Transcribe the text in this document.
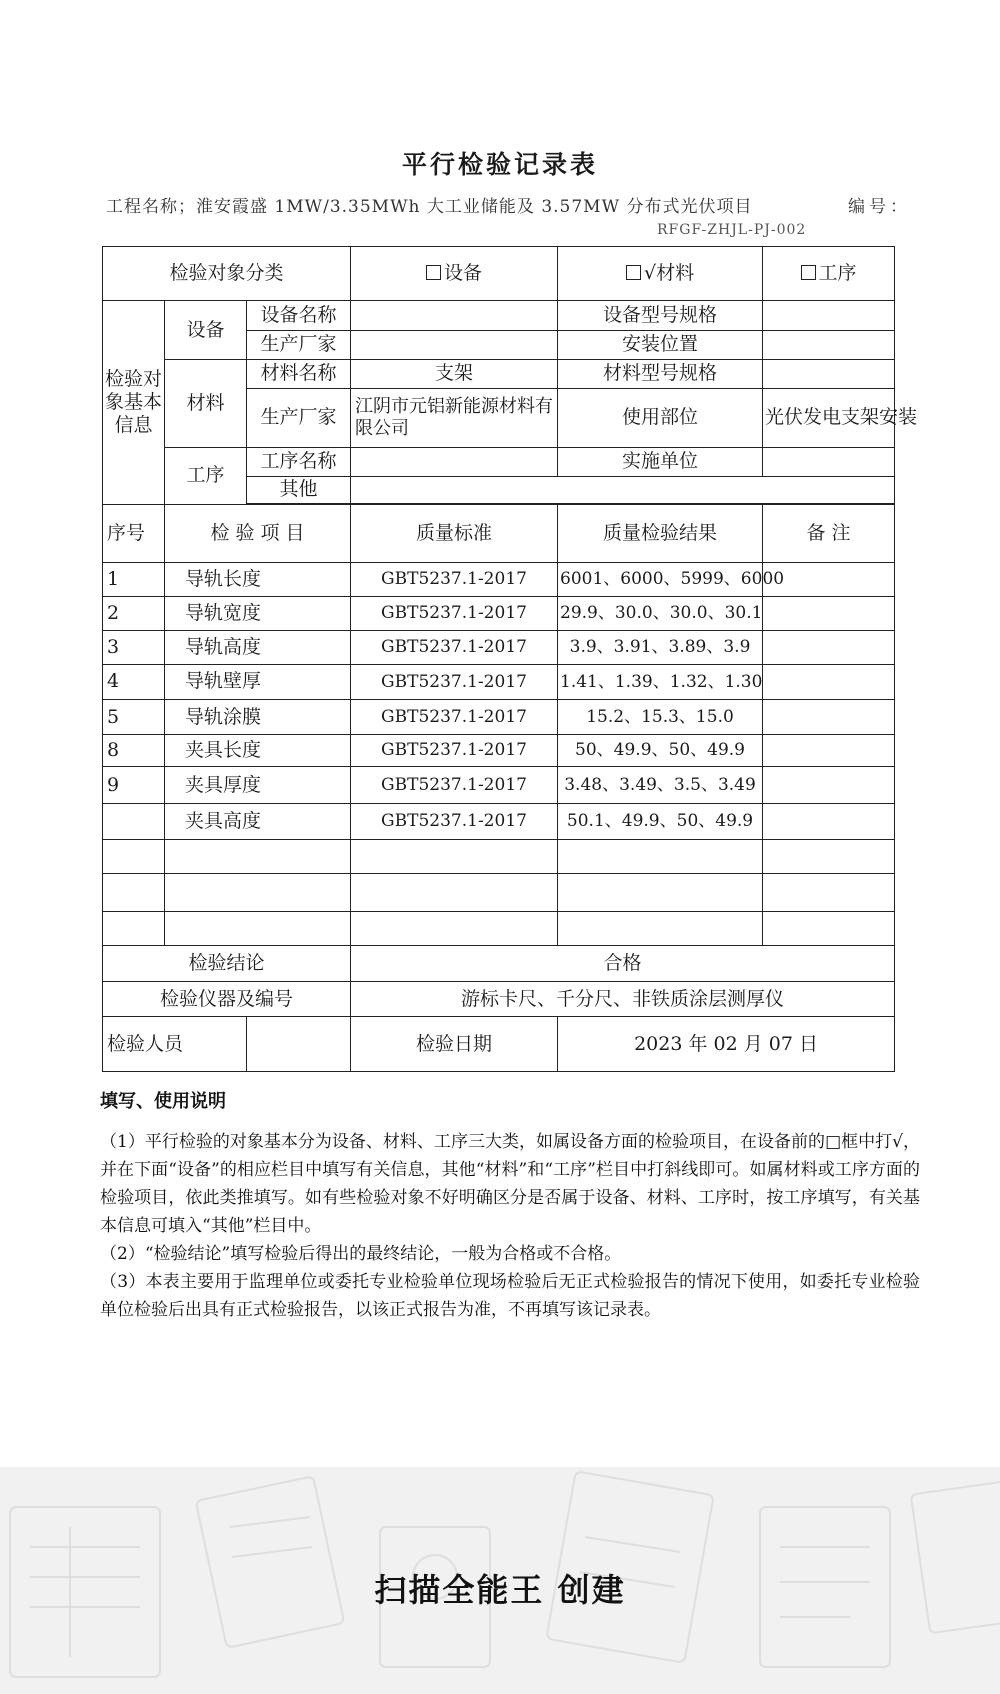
平行检验记录表
工程名称；淮安霞盛 1MW/3.35MWh 大工业储能及 3.57MW 分布式光伏项目	编号：
RFGF-ZHJL-PJ-002
检验对象分类			设备	√材料	工序
检验对象基本信息	设备	设备名称		设备型号规格	
		生产厂家		安装位置	
	材料	材料名称	支架	材料型号规格	
		生产厂家	江阴市元铝新能源材料有限公司	使用部位	光伏发电支架安装
	工序	工序名称		实施单位	
		其他			

序号	检 验 项 目		质量标准	质量检验结果	备 注
1	导轨长度		GBT5237.1-2017	6001、6000、5999、6000	
2	导轨宽度		GBT5237.1-2017	29.9、30.0、30.0、30.1	
3	导轨高度		GBT5237.1-2017	3.9、3.91、3.89、3.9	
4	导轨壁厚		GBT5237.1-2017	1.41、1.39、1.32、1.30	
5	导轨涂膜		GBT5237.1-2017	15.2、15.3、15.0	
8	夹具长度		GBT5237.1-2017	50、49.9、50、49.9	
9	夹具厚度		GBT5237.1-2017	3.48、3.49、3.5、3.49	
	夹具高度		GBT5237.1-2017	50.1、49.9、50、49.9	

检验结论			合格		
检验仪器及编号			游标卡尺、千分尺、非铁质涂层测厚仪		
检验人员			检验日期	2023 年 02 月 07 日	
填写、使用说明

（1）平行检验的对象基本分为设备、材料、工序三大类，如属设备方面的检验项目，在设备前的□框中打√，并在下面“设备”的相应栏目中填写有关信息，其他“材料”和“工序”栏目中打斜线即可。如属材料或工序方面的检验项目，依此类推填写。如有些检验对象不好明确区分是否属于设备、材料、工序时，按工序填写，有关基本信息可填入“其他”栏目中。

（2）“检验结论”填写检验后得出的最终结论，一般为合格或不合格。

（3）本表主要用于监理单位或委托专业检验单位现场检验后无正式检验报告的情况下使用，如委托专业检验单位检验后出具有正式检验报告，以该正式报告为准，不再填写该记录表。

扫描全能王 创建
